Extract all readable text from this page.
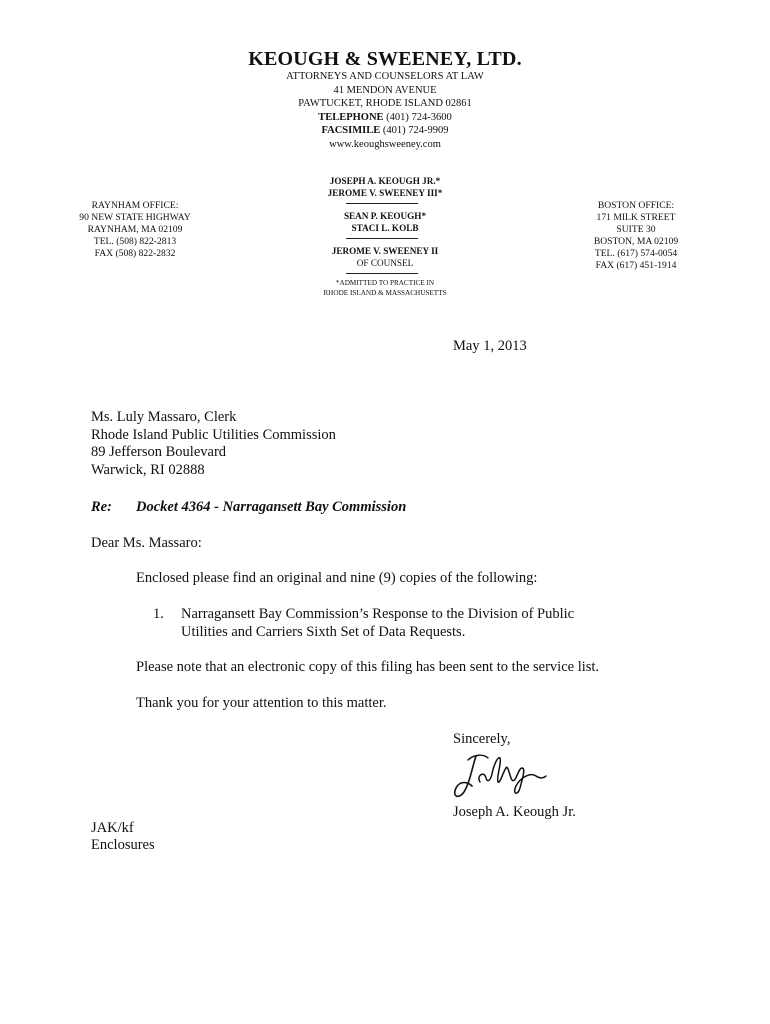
KEOUGH & SWEENEY, LTD.
ATTORNEYS AND COUNSELORS AT LAW
41 MENDON AVENUE
PAWTUCKET, RHODE ISLAND 02861
TELEPHONE (401) 724-3600
FACSIMILE (401) 724-9909
www.keoughsweeney.com
JOSEPH A. KEOUGH JR.*
JEROME V. SWEENEY III*
SEAN P. KEOUGH*
STACI L. KOLB
JEROME V. SWEENEY II
OF COUNSEL
*ADMITTED TO PRACTICE IN
RHODE ISLAND & MASSACHUSETTS
RAYNHAM OFFICE:
90 NEW STATE HIGHWAY
RAYNHAM, MA 02109
TEL. (508) 822-2813
FAX (508) 822-2832
BOSTON OFFICE:
171 MILK STREET
SUITE 30
BOSTON, MA 02109
TEL. (617) 574-0054
FAX (617) 451-1914
May 1, 2013
Ms. Luly Massaro, Clerk
Rhode Island Public Utilities Commission
89 Jefferson Boulevard
Warwick, RI 02888
Re: Docket 4364 - Narragansett Bay Commission
Dear Ms. Massaro:
Enclosed please find an original and nine (9) copies of the following:
1. Narragansett Bay Commission’s Response to the Division of Public
Utilities and Carriers Sixth Set of Data Requests.
Please note that an electronic copy of this filing has been sent to the service list.
Thank you for your attention to this matter.
Sincerely,
Joseph A. Keough Jr.
JAK/kf
Enclosures
